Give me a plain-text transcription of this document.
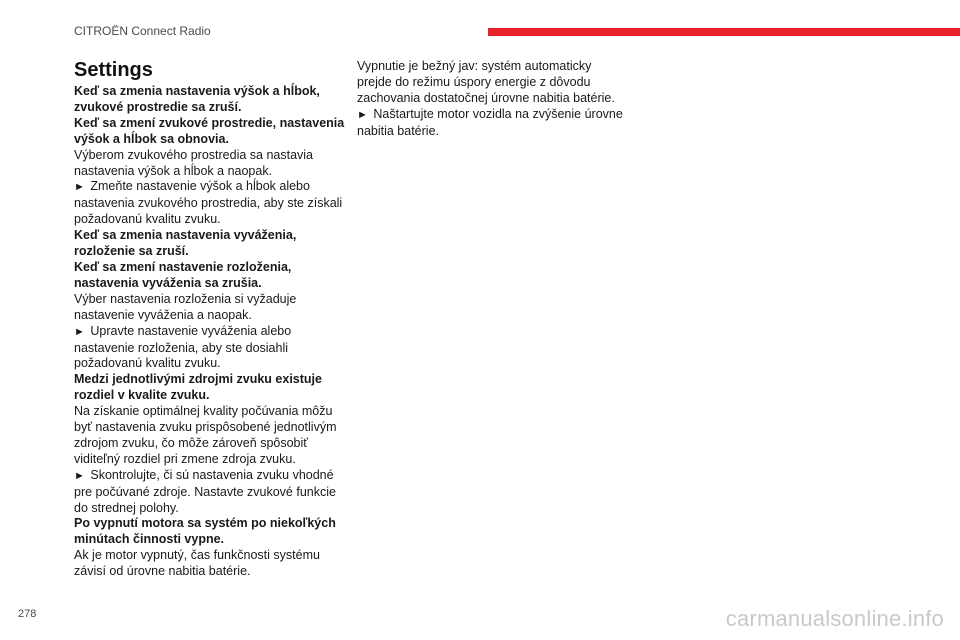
CITROËN Connect Radio
Settings

Keď sa zmenia nastavenia výšok a hĺbok, zvukové prostredie sa zruší.

Keď sa zmení zvukové prostredie, nastavenia výšok a hĺbok sa obnovia.

Výberom zvukového prostredia sa nastavia nastavenia výšok a hĺbok a naopak.

► Zmeňte nastavenie výšok a hĺbok alebo nastavenia zvukového prostredia, aby ste získali požadovanú kvalitu zvuku.

Keď sa zmenia nastavenia vyváženia, rozloženie sa zruší.

Keď sa zmení nastavenie rozloženia, nastavenia vyváženia sa zrušia.

Výber nastavenia rozloženia si vyžaduje nastavenie vyváženia a naopak.

► Upravte nastavenie vyváženia alebo nastavenie rozloženia, aby ste dosiahli požadovanú kvalitu zvuku.

Medzi jednotlivými zdrojmi zvuku existuje rozdiel v kvalite zvuku.

Na získanie optimálnej kvality počúvania môžu byť nastavenia zvuku prispôsobené jednotlivým zdrojom zvuku, čo môže zároveň spôsobiť viditeľný rozdiel pri zmene zdroja zvuku.

► Skontrolujte, či sú nastavenia zvuku vhodné pre počúvané zdroje. Nastavte zvukové funkcie do strednej polohy.

Po vypnutí motora sa systém po niekoľkých minútach činnosti vypne.

Ak je motor vypnutý, čas funkčnosti systému závisí od úrovne nabitia batérie.

Vypnutie je bežný jav: systém automaticky prejde do režimu úspory energie z dôvodu zachovania dostatočnej úrovne nabitia batérie.

► Naštartujte motor vozidla na zvýšenie úrovne nabitia batérie.

278	carmanualsonline.info
